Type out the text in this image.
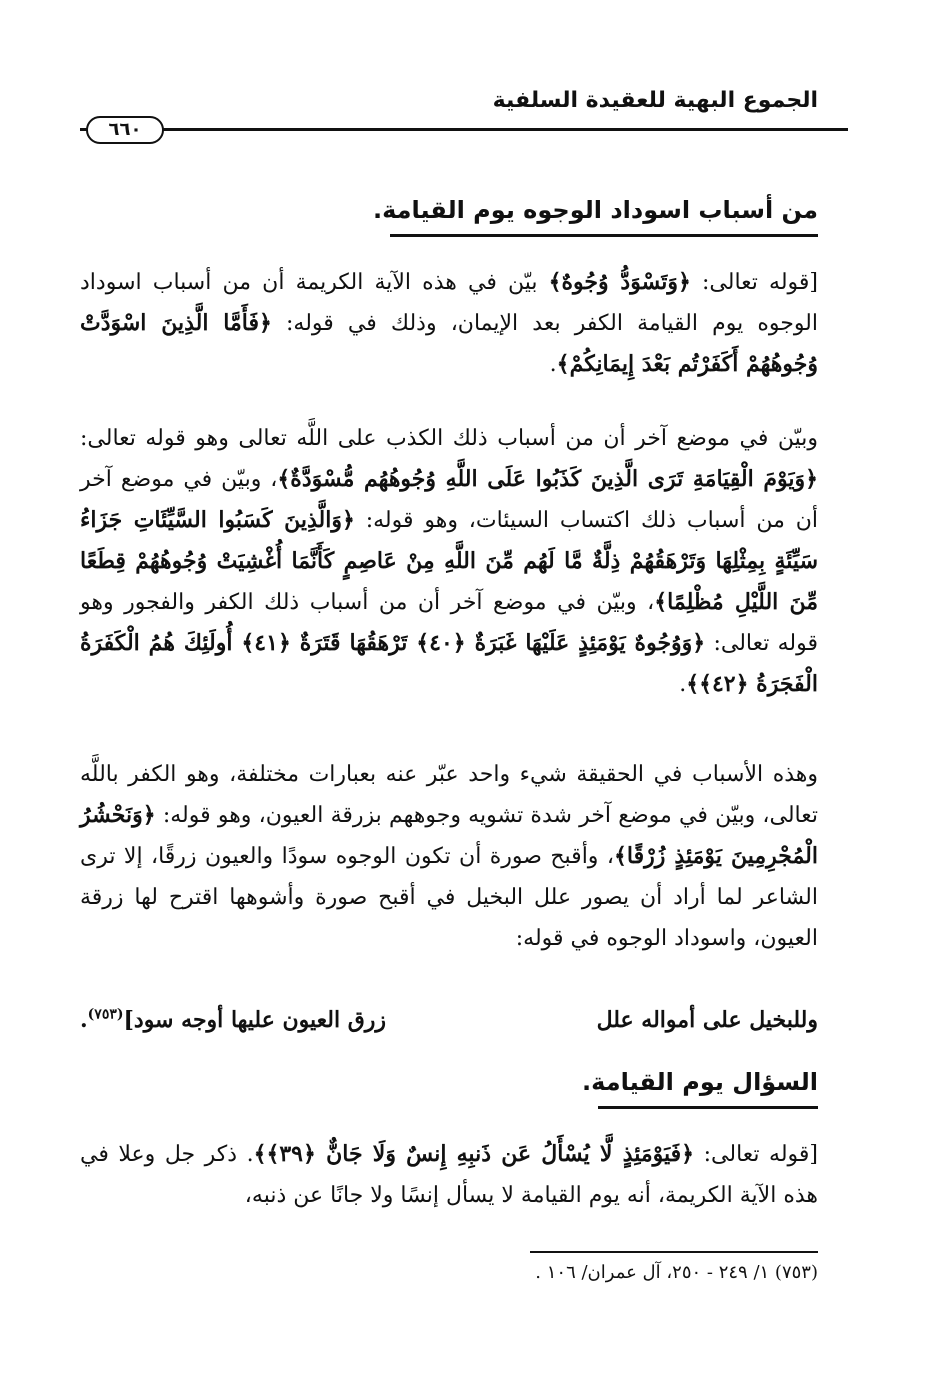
الجموع البهية للعقيدة السلفية
٦٦٠
من أسباب اسوداد الوجوه يوم القيامة.
[قوله تعالى: ﴿وَتَسْوَدُّ وُجُوهٌ﴾ بيّن في هذه الآية الكريمة أن من أسباب اسوداد الوجوه يوم القيامة الكفر بعد الإيمان، وذلك في قوله: ﴿فَأَمَّا الَّذِينَ اسْوَدَّتْ وُجُوهُهُمْ أَكَفَرْتُم بَعْدَ إِيمَانِكُمْ﴾.
وبيّن في موضع آخر أن من أسباب ذلك الكذب على اللَّه تعالى وهو قوله تعالى: ﴿وَيَوْمَ الْقِيَامَةِ تَرَى الَّذِينَ كَذَبُوا عَلَى اللَّهِ وُجُوهُهُم مُّسْوَدَّةٌ﴾، وبيّن في موضع آخر أن من أسباب ذلك اكتساب السيئات، وهو قوله: ﴿وَالَّذِينَ كَسَبُوا السَّيِّئَاتِ جَزَاءُ سَيِّئَةٍ بِمِثْلِهَا وَتَرْهَقُهُمْ ذِلَّةٌ مَّا لَهُم مِّنَ اللَّهِ مِنْ عَاصِمٍ كَأَنَّمَا أُغْشِيَتْ وُجُوهُهُمْ قِطَعًا مِّنَ اللَّيْلِ مُظْلِمًا﴾، وبيّن في موضع آخر أن من أسباب ذلك الكفر والفجور وهو قوله تعالى: ﴿وَوُجُوهٌ يَوْمَئِذٍ عَلَيْهَا غَبَرَةٌ ﴿٤٠﴾ تَرْهَقُهَا قَتَرَةٌ ﴿٤١﴾ أُولَئِكَ هُمُ الْكَفَرَةُ الْفَجَرَةُ ﴿٤٢﴾﴾.
وهذه الأسباب في الحقيقة شيء واحد عبّر عنه بعبارات مختلفة، وهو الكفر باللَّه تعالى، وبيّن في موضع آخر شدة تشويه وجوههم بزرقة العيون، وهو قوله: ﴿وَنَحْشُرُ الْمُجْرِمِينَ يَوْمَئِذٍ زُرْقًا﴾، وأقبح صورة أن تكون الوجوه سودًا والعيون زرقًا، إلا ترى الشاعر لما أراد أن يصور علل البخيل في أقبح صورة وأشوهها اقترح لها زرقة العيون، واسوداد الوجوه في قوله:
وللبخيل على أمواله علل
زرق العيون عليها أوجه سود]$^{(٧٥٣)}$.
السؤال يوم القيامة.
[قوله تعالى: ﴿فَيَوْمَئِذٍ لَّا يُسْأَلُ عَن ذَنبِهِ إِنسٌ وَلَا جَانٌّ ﴿٣٩﴾﴾. ذكر جل وعلا في هذه الآية الكريمة، أنه يوم القيامة لا يسأل إنسًا ولا جانًا عن ذنبه،
(٧٥٣) ١/ ٢٤٩ - ٢٥٠، آل عمران/ ١٠٦ .
